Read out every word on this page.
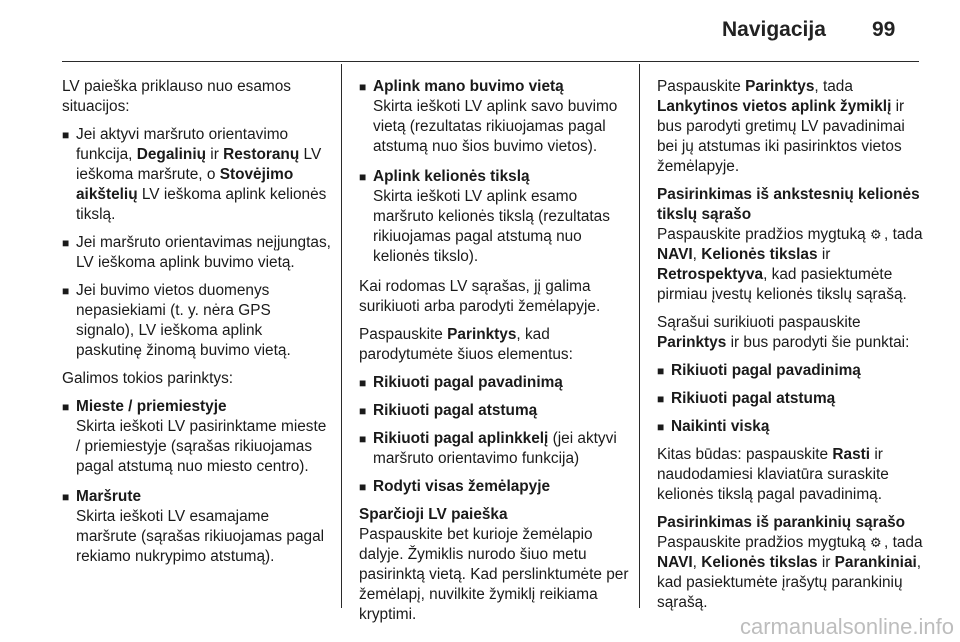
Navigacija 99

LV paieška priklauso nuo esamos situacijos:

■ Jei aktyvi maršruto orientavimo funkcija, Degalinių ir Restoranų LV ieškoma maršrute, o Stovėjimo aikštelių LV ieškoma aplink kelionės tikslą.
■ Jei maršruto orientavimas neįjungtas, LV ieškoma aplink buvimo vietą.
■ Jei buvimo vietos duomenys nepasiekiami (t. y. nėra GPS signalo), LV ieškoma aplink paskutinę žinomą buvimo vietą.

Galimos tokios parinktys:

■ Mieste / priemiestyje
Skirta ieškoti LV pasirinktame mieste / priemiestyje (sąrašas rikiuojamas pagal atstumą nuo miesto centro).
■ Maršrute
Skirta ieškoti LV esamajame maršrute (sąrašas rikiuojamas pagal rekiamo nukrypimo atstumą).
■ Aplink mano buvimo vietą
Skirta ieškoti LV aplink savo buvimo vietą (rezultatas rikiuojamas pagal atstumą nuo šios buvimo vietos).
■ Aplink kelionės tikslą
Skirta ieškoti LV aplink esamo maršruto kelionės tikslą (rezultatas rikiuojamas pagal atstumą nuo kelionės tikslo).

Kai rodomas LV sąrašas, jį galima surikiuoti arba parodyti žemėlapyje.

Paspauskite Parinktys, kad parodytumėte šiuos elementus:

■ Rikiuoti pagal pavadinimą
■ Rikiuoti pagal atstumą
■ Rikiuoti pagal aplinkkelį (jei aktyvi maršruto orientavimo funkcija)
■ Rodyti visas žemėlapyje

Sparčioji LV paieška

Paspauskite bet kurioje žemėlapio dalyje. Žymiklis nurodo šiuo metu pasirinktą vietą. Kad perslinktumėte per žemėlapį, nuvilkite žymiklį reikiama kryptimi.

Paspauskite Parinktys, tada Lankytinos vietos aplink žymiklį ir bus parodyti gretimų LV pavadinimai bei jų atstumas iki pasirinktos vietos žemėlapyje.

Pasirinkimas iš ankstesnių kelionės tikslų sąrašo

Paspauskite pradžios mygtuką ⚙ , tada NAVI, Kelionės tikslas ir Retrospektyva, kad pasiektumėte pirmiau įvestų kelionės tikslų sąrašą.

Sąrašui surikiuoti paspauskite Parinktys ir bus parodyti šie punktai:

■ Rikiuoti pagal pavadinimą
■ Rikiuoti pagal atstumą
■ Naikinti viską

Kitas būdas: paspauskite Rasti ir naudodamiesi klaviatūra suraskite kelionės tikslą pagal pavadinimą.

Pasirinkimas iš parankinių sąrašo

Paspauskite pradžios mygtuką ⚙ , tada NAVI, Kelionės tikslas ir Parankiniai, kad pasiektumėte įrašytų parankinių sąrašą.

carmanualsonline.info
